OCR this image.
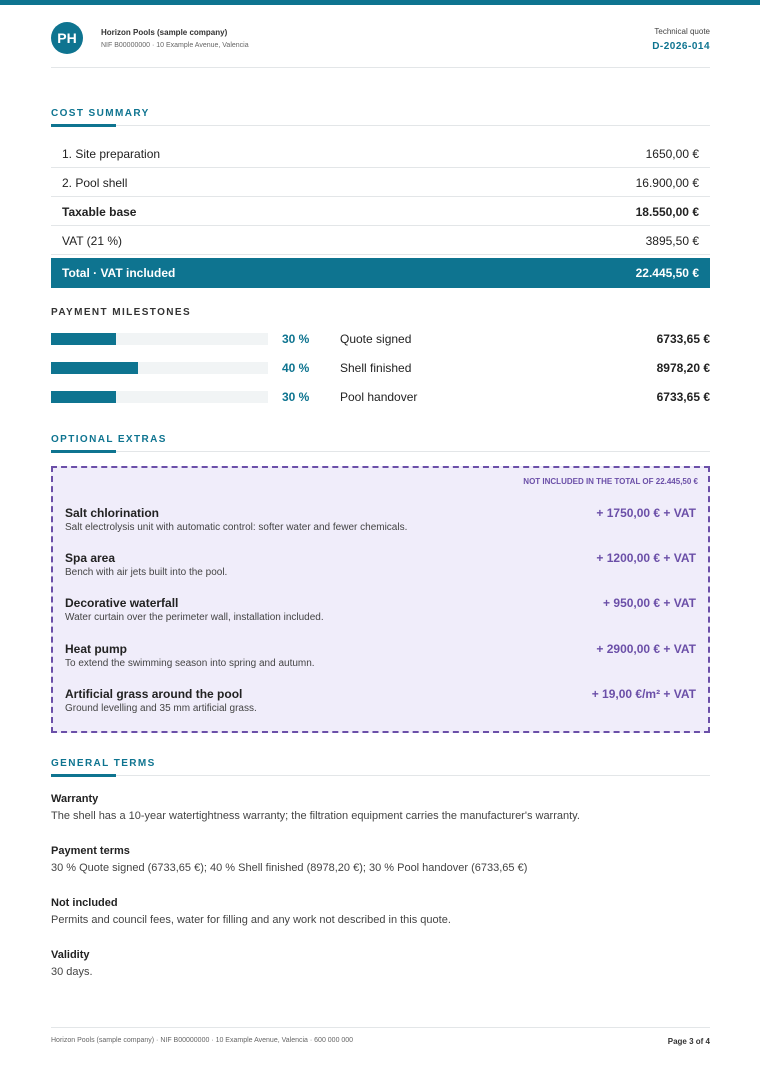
PH	Horizon Pools (sample company)
NIF B00000000 · 10 Example Avenue, Valencia
Technical quote
D-2026-014
COST SUMMARY
1. Site preparation	1650,00 €
2. Pool shell	16.900,00 €
Taxable base	18.550,00 €
VAT (21 %)	3895,50 €
Total · VAT included	22.445,50 €
PAYMENT MILESTONES
30 %	Quote signed	6733,65 €
40 %	Shell finished	8978,20 €
30 %	Pool handover	6733,65 €
OPTIONAL EXTRAS
NOT INCLUDED IN THE TOTAL OF 22.445,50 €
Salt chlorination
Salt electrolysis unit with automatic control: softer water and fewer chemicals.
+ 1750,00 € + VAT
Spa area
Bench with air jets built into the pool.
+ 1200,00 € + VAT
Decorative waterfall
Water curtain over the perimeter wall, installation included.
+ 950,00 € + VAT
Heat pump
To extend the swimming season into spring and autumn.
+ 2900,00 € + VAT
Artificial grass around the pool
Ground levelling and 35 mm artificial grass.
+ 19,00 €/m² + VAT
GENERAL TERMS
Warranty
The shell has a 10-year watertightness warranty; the filtration equipment carries the manufacturer's warranty.
Payment terms
30 % Quote signed (6733,65 €); 40 % Shell finished (8978,20 €); 30 % Pool handover (6733,65 €)
Not included
Permits and council fees, water for filling and any work not described in this quote.
Validity
30 days.
Horizon Pools (sample company) · NIF B00000000 · 10 Example Avenue, Valencia · 600 000 000	Page 3 of 4
